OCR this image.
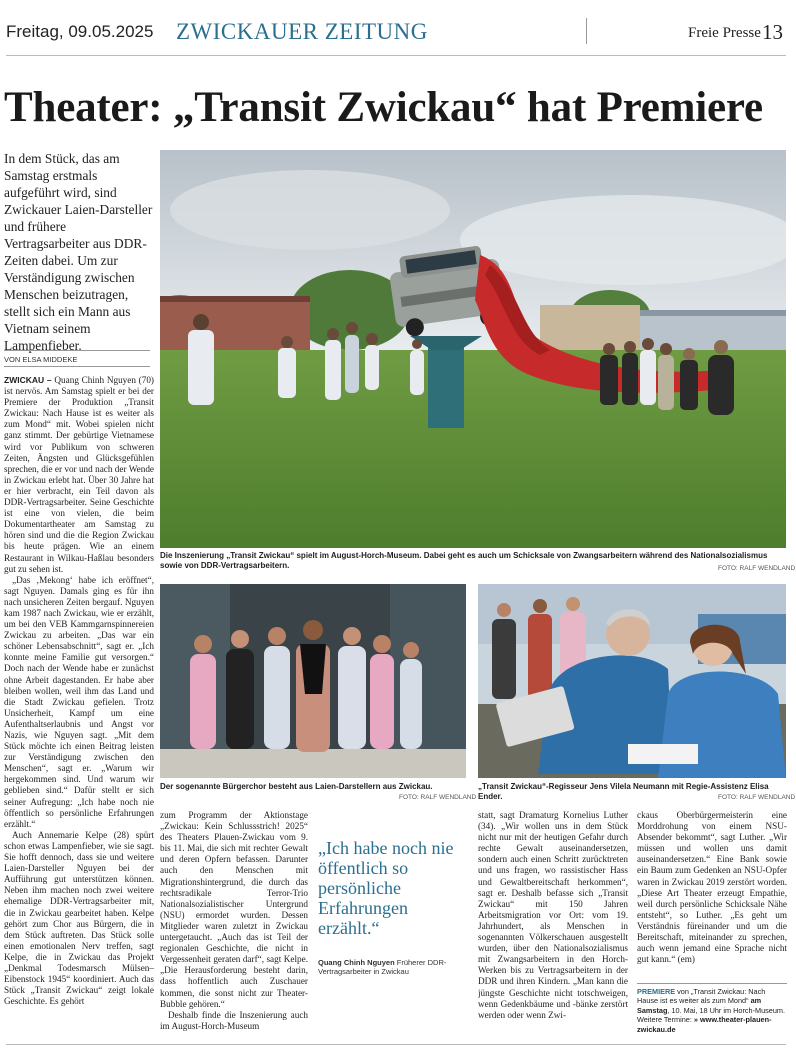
Freitag, 09.05.2025 ZWICKAUER ZEITUNG	Freie Presse 13
Theater: „Transit Zwickau“ hat Premiere
In dem Stück, das am Samstag erstmals aufgeführt wird, sind Zwickauer Laien-Darsteller und frühere Vertragsarbeiter aus DDR-Zeiten dabei. Um zur Verständigung zwischen Menschen beizutragen, stellt sich ein Mann aus Vietnam seinem Lampenfieber.
VON ELSA MIDDEKE

ZWICKAU – Quang Chinh Nguyen (70) ist nervös. Am Samstag spielt er bei der Premiere der Produktion „Transit Zwickau: Nach Hause ist es weiter als zum Mond“ mit. Wobei spielen nicht ganz stimmt. Der gebürtige Vietnamese wird vor Publikum von schweren Zeiten, Ängsten und Glücksgefühlen sprechen, die er vor und nach der Wende in Zwickau erlebt hat. Über 30 Jahre hat er hier verbracht, ein Teil davon als DDR-Vertragsarbeiter. Seine Geschichte ist eine von vielen, die beim Dokumentartheater am Samstag zu hören sind und die die Region Zwickau bis heute prägen. Wie an einem Restaurant in Wilkau-Haßlau besonders gut zu sehen ist.

„Das ‚Mekong‘ habe ich eröffnet“, sagt Nguyen. Damals ging es für ihn nach unsicheren Zeiten bergauf. Nguyen kam 1987 nach Zwickau, wie er erzählt, um bei den VEB Kammgarnspinnereien Zwickau zu arbeiten. „Das war ein schöner Lebensabschnitt“, sagt er. „Ich konnte meine Familie gut versorgen.“ Doch nach der Wende habe er zunächst ohne Arbeit dagestanden. Er habe aber bleiben wollen, weil ihm das Land und die Stadt Zwickau gefielen. Trotz Unsicherheit, Kampf um eine Aufenthaltserlaubnis und Angst vor Nazis, wie Nguyen sagt. „Mit dem Stück möchte ich einen Beitrag leisten zur Verständigung zwischen den Menschen“, sagt er. „Warum wir hergekommen sind. Und warum wir geblieben sind.“ Dafür stellt er sich seiner Aufregung: „Ich habe noch nie öffentlich so persönliche Erfahrungen erzählt.“

Auch Annemarie Kelpe (28) spürt schon etwas Lampenfieber, wie sie sagt. Sie hofft dennoch, dass sie und weitere Laien-Darsteller Nguyen bei der Aufführung gut unterstützen können. Neben ihm machen noch zwei weitere ehemalige DDR-Vertragsarbeiter mit, die in Zwickau gearbeitet haben. Kelpe gehört zum Chor aus Bürgern, die in dem Stück auftreten. Das Stück solle einen emotionalen Nerv treffen, sagt Kelpe, die in Zwickau das Projekt „Denkmal Todesmarsch Mülsen–Eibenstock 1945“ koordiniert. Auch das Stück „Transit Zwickau“ zeigt lokale Geschichte. Es gehört

Die Inszenierung „Transit Zwickau“ spielt im August-Horch-Museum. Dabei geht es auch um Schicksale von Zwangsarbeitern während des Nationalsozialismus sowie von DDR-Vertragsarbeitern.	FOTO: RALF WENDLAND
Der sogenannte Bürgerchor besteht aus Laien-Darstellern aus Zwickau.
FOTO: RALF WENDLAND
„Transit Zwickau“-Regisseur Jens Vilela Neumann mit Regie-Assistenz Elisa Ender.	FOTO: RALF WENDLAND

zum Programm der Aktionstage „Zwickau: Kein Schlussstrich! 2025“ des Theaters Plauen-Zwickau vom 9. bis 11. Mai, die sich mit rechter Gewalt und deren Opfern befassen. Darunter auch den Menschen mit Migrationshintergrund, die durch das rechtsradikale Terror-Trio Nationalsozialistischer Untergrund (NSU) ermordet wurden. Dessen Mitglieder waren zuletzt in Zwickau untergetaucht. „Auch das ist Teil der regionalen Geschichte, die nicht in Vergessenheit geraten darf“, sagt Kelpe. „Die Herausforderung besteht darin, dass hoffentlich auch Zuschauer kommen, die sonst nicht zur Theater-Bubble gehören.“

Deshalb finde die Inszenierung auch im August-Horch-Museum

„Ich habe noch nie öffentlich so persönliche Erfahrungen erzählt.“
Quang Chinh Nguyen Früherer DDR-Vertragsarbeiter in Zwickau

statt, sagt Dramaturg Kornelius Luther (34). „Wir wollen uns in dem Stück nicht nur mit der heutigen Gefahr durch rechte Gewalt auseinandersetzen, sondern auch einen Schritt zurücktreten und uns fragen, wo rassistischer Hass und Gewaltbereitschaft herkommen“, sagt er. Deshalb befasse sich „Transit Zwickau“ mit 150 Jahren Arbeitsmigration vor Ort: vom 19. Jahrhundert, als Menschen in sogenannten Völkerschauen ausgestellt wurden, über den Nationalsozialismus mit Zwangsarbeitern in den Horch-Werken bis zu Vertragsarbeitern in der DDR und ihren Kindern. „Man kann die jüngste Geschichte nicht totschweigen, wenn Gedenkbäume und -bänke zerstört werden oder wenn Zwi-

ckaus Oberbürgermeisterin eine Morddrohung von einem NSU-Absender bekommt“, sagt Luther. „Wir müssen und wollen uns damit auseinandersetzen.“ Eine Bank sowie ein Baum zum Gedenken an NSU-Opfer waren in Zwickau 2019 zerstört worden. „Diese Art Theater erzeugt Empathie, weil durch persönliche Schicksale Nähe entsteht“, so Luther. „Es geht um Verständnis füreinander und um die Bereitschaft, miteinander zu sprechen, auch wenn jemand eine Sprache nicht gut kann.“ (em)

PREMIERE von „Transit Zwickau: Nach Hause ist es weiter als zum Mond“ am Samstag, 10. Mai, 18 Uhr im Horch-Museum. Weitere Termine: » www.theater-plauen-zwickau.de
